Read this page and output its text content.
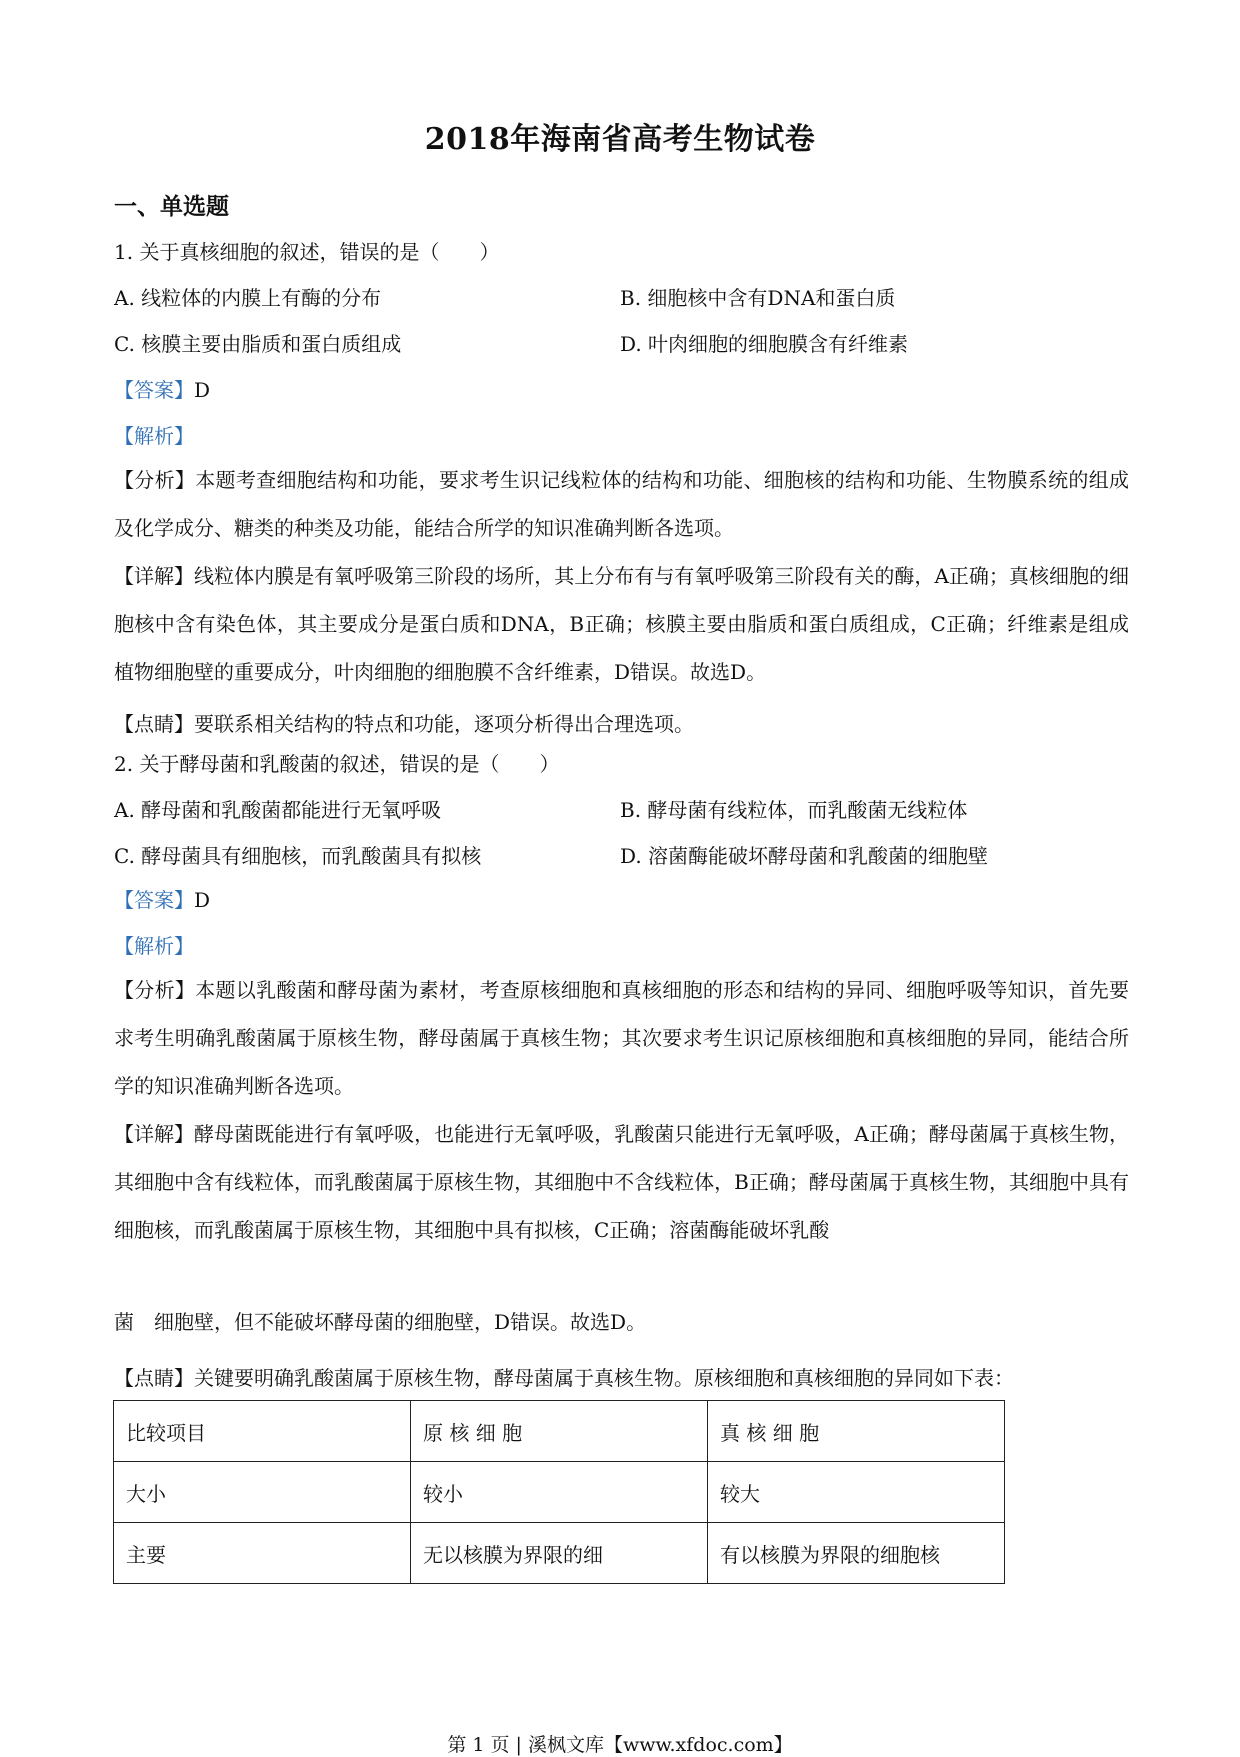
2018年海南省高考生物试卷
一、单选题
1. 关于真核细胞的叙述，错误的是（　　）
A. 线粒体的内膜上有酶的分布	B. 细胞核中含有DNA和蛋白质
C. 核膜主要由脂质和蛋白质组成	D. 叶肉细胞的细胞膜含有纤维素
【答案】D
【解析】
【分析】本题考查细胞结构和功能，要求考生识记线粒体的结构和功能、细胞核的结构和功能、生物膜系统的组成及化学成分、糖类的种类及功能，能结合所学的知识准确判断各选项。
【详解】线粒体内膜是有氧呼吸第三阶段的场所，其上分布有与有氧呼吸第三阶段有关的酶，A正确；真核细胞的细胞核中含有染色体，其主要成分是蛋白质和DNA，B正确；核膜主要由脂质和蛋白质组成，C正确；纤维素是组成植物细胞壁的重要成分，叶肉细胞的细胞膜不含纤维素，D错误。故选D。
【点睛】要联系相关结构的特点和功能，逐项分析得出合理选项。
2. 关于酵母菌和乳酸菌的叙述，错误的是（　　）
A. 酵母菌和乳酸菌都能进行无氧呼吸	B. 酵母菌有线粒体，而乳酸菌无线粒体
C. 酵母菌具有细胞核，而乳酸菌具有拟核	D. 溶菌酶能破坏酵母菌和乳酸菌的细胞壁
【答案】D
【解析】
【分析】本题以乳酸菌和酵母菌为素材，考查原核细胞和真核细胞的形态和结构的异同、细胞呼吸等知识，首先要求考生明确乳酸菌属于原核生物，酵母菌属于真核生物；其次要求考生识记原核细胞和真核细胞的异同，能结合所学的知识准确判断各选项。
【详解】酵母菌既能进行有氧呼吸，也能进行无氧呼吸，乳酸菌只能进行无氧呼吸，A正确；酵母菌属于真核生物，其细胞中含有线粒体，而乳酸菌属于原核生物，其细胞中不含线粒体，B正确；酵母菌属于真核生物，其细胞中具有细胞核，而乳酸菌属于原核生物，其细胞中具有拟核，C正确；溶菌酶能破坏乳酸
菌　细胞壁，但不能破坏酵母菌的细胞壁，D错误。故选D。
【点睛】关键要明确乳酸菌属于原核生物，酵母菌属于真核生物。原核细胞和真核细胞的异同如下表：
比较项目	原 核 细 胞	真 核 细 胞
大小	较小	较大
主要	无以核膜为界限的细	有以核膜为界限的细胞核
第 1 页 | 溪枫文库【www.xfdoc.com】
